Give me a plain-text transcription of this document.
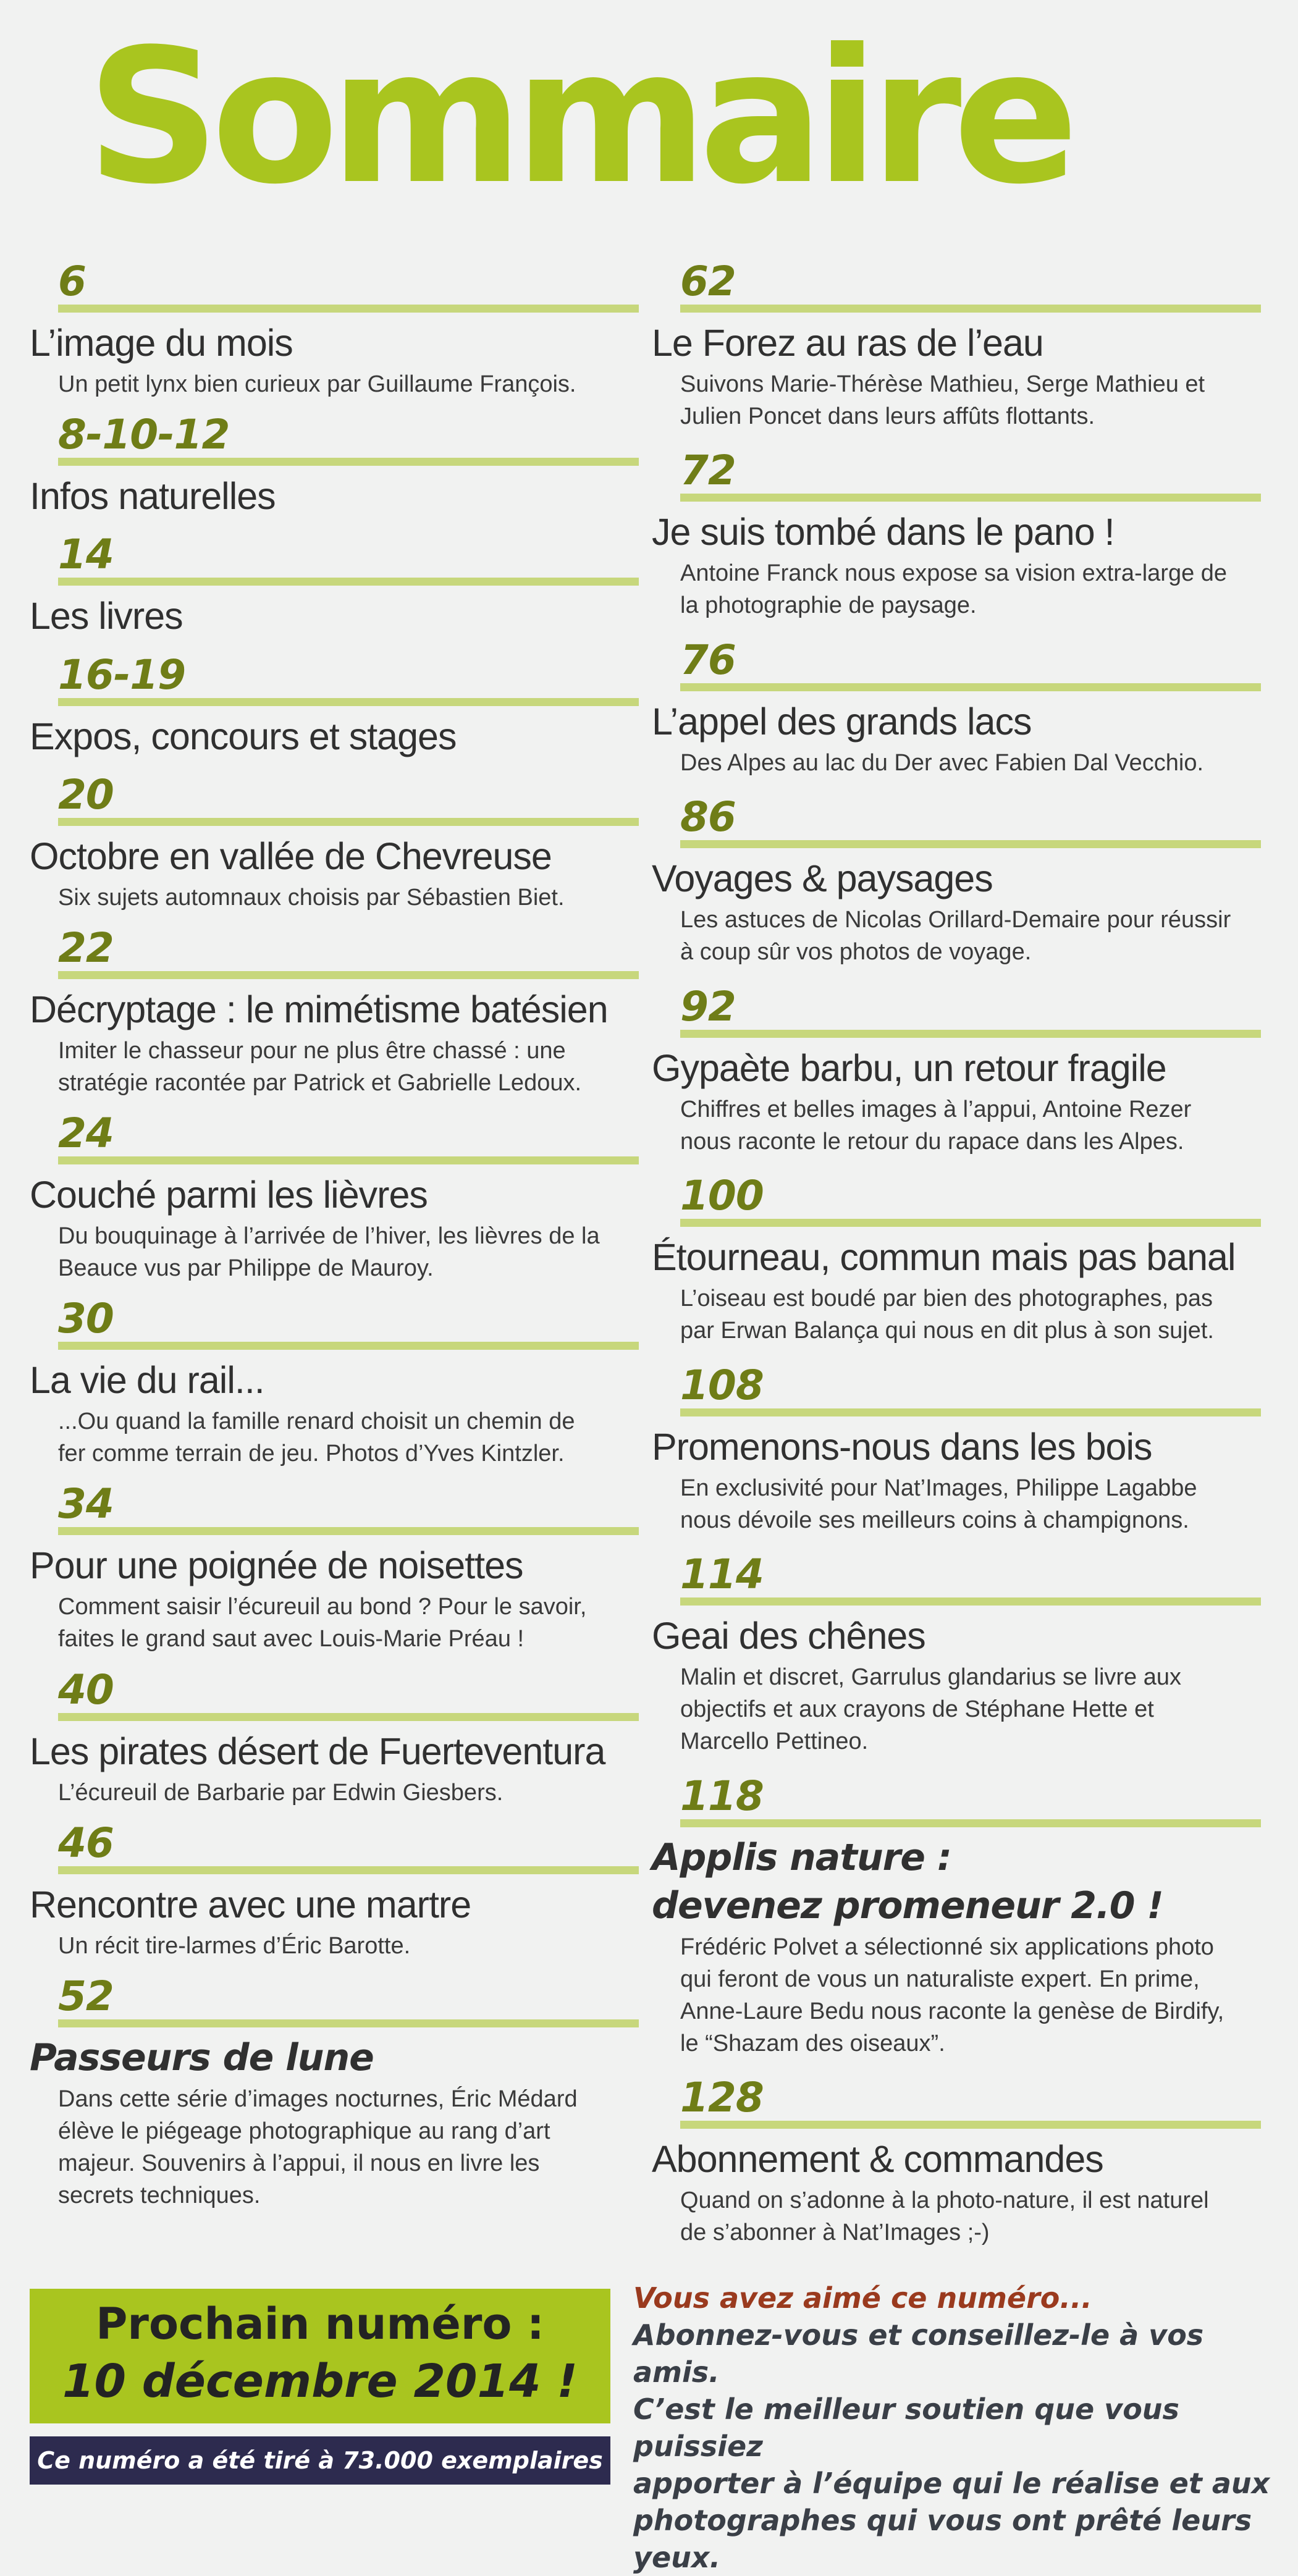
Sommaire
6
L’image du mois
Un petit lynx bien curieux par Guillaume François.
8-10-12
Infos naturelles
14
Les livres
16-19
Expos, concours et stages
20
Octobre en vallée de Chevreuse
Six sujets automnaux choisis par Sébastien Biet.
22
Décryptage : le mimétisme batésien
Imiter le chasseur pour ne plus être chassé : une
stratégie racontée par Patrick et Gabrielle Ledoux.
24
Couché parmi les lièvres
Du bouquinage à l’arrivée de l’hiver, les lièvres de la
Beauce vus par Philippe de Mauroy.
30
La vie du rail...
...Ou quand la famille renard choisit un chemin de
fer comme terrain de jeu. Photos d’Yves Kintzler.
34
Pour une poignée de noisettes
Comment saisir l’écureuil au bond ? Pour le savoir,
faites le grand saut avec Louis-Marie Préau !
40
Les pirates désert de Fuerteventura
L’écureuil de Barbarie par Edwin Giesbers.
46
Rencontre avec une martre
Un récit tire-larmes d’Éric Barotte.
52
Passeurs de lune
Dans cette série d’images nocturnes, Éric Médard
élève le piégeage photographique au rang d’art
majeur. Souvenirs à l’appui, il nous en livre les
secrets techniques.
62
Le Forez au ras de l’eau
Suivons Marie-Thérèse Mathieu, Serge Mathieu et
Julien Poncet dans leurs affûts flottants.
72
Je suis tombé dans le pano !
Antoine Franck nous expose sa vision extra-large de
la photographie de paysage.
76
L’appel des grands lacs
Des Alpes au lac du Der avec Fabien Dal Vecchio.
86
Voyages & paysages
Les astuces de Nicolas Orillard-Demaire pour réussir
à coup sûr vos photos de voyage.
92
Gypaète barbu, un retour fragile
Chiffres et belles images à l’appui, Antoine Rezer
nous raconte le retour du rapace dans les Alpes.
100
Étourneau, commun mais pas banal
L’oiseau est boudé par bien des photographes, pas
par Erwan Balança qui nous en dit plus à son sujet.
108
Promenons-nous dans les bois
En exclusivité pour Nat’Images, Philippe Lagabbe
nous dévoile ses meilleurs coins à champignons.
114
Geai des chênes
Malin et discret, Garrulus glandarius se livre aux
objectifs et aux crayons de Stéphane Hette et
Marcello Pettineo.
118
Applis nature :
devenez promeneur 2.0 !
Frédéric Polvet a sélectionné six applications photo
qui feront de vous un naturaliste expert. En prime,
Anne-Laure Bedu nous raconte la genèse de Birdify,
le “Shazam des oiseaux”.
128
Abonnement & commandes
Quand on s’adonne à la photo-nature, il est naturel
de s’abonner à Nat’Images ;-)
Prochain numéro :
10 décembre 2014 !
Ce numéro a été tiré à 73.000 exemplaires
Vous avez aimé ce numéro...
Abonnez-vous et conseillez-le à vos amis.
C’est le meilleur soutien que vous puissiez
apporter à l’équipe qui le réalise et aux
photographes qui vous ont prêté leurs yeux.
